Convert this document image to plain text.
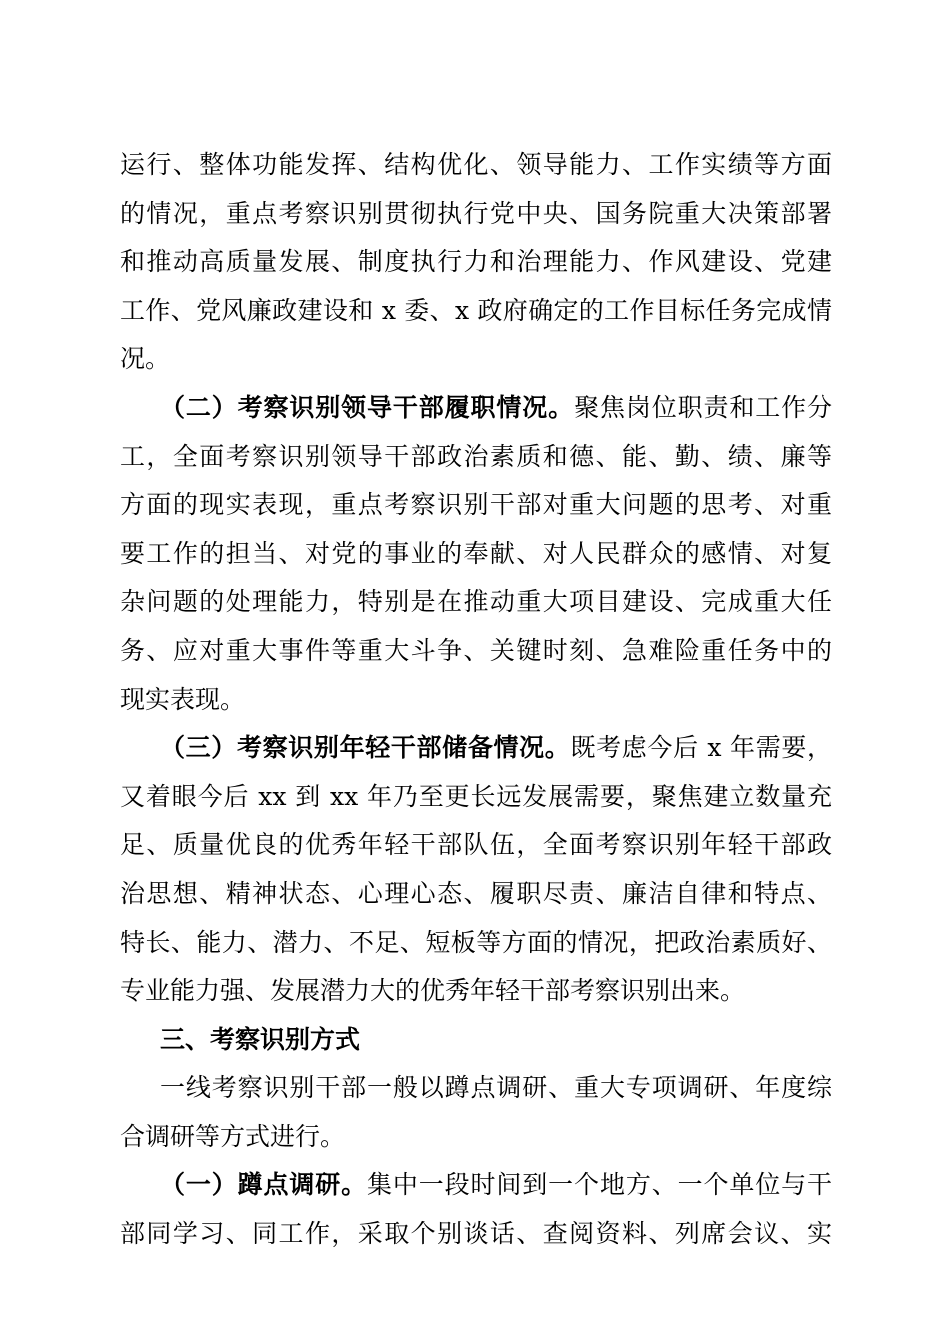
运行、整体功能发挥、结构优化、领导能力、工作实绩等方面
的情况，重点考察识别贯彻执行党中央、国务院重大决策部署
和推动高质量发展、制度执行力和治理能力、作风建设、党建
工作、党风廉政建设和 x 委、x 政府确定的工作目标任务完成情
况。

（二）考察识别领导干部履职情况。聚焦岗位职责和工作分
工，全面考察识别领导干部政治素质和德、能、勤、绩、廉等
方面的现实表现，重点考察识别干部对重大问题的思考、对重
要工作的担当、对党的事业的奉献、对人民群众的感情、对复
杂问题的处理能力，特别是在推动重大项目建设、完成重大任
务、应对重大事件等重大斗争、关键时刻、急难险重任务中的
现实表现。

（三）考察识别年轻干部储备情况。既考虑今后 x 年需要，
又着眼今后 xx 到 xx 年乃至更长远发展需要，聚焦建立数量充
足、质量优良的优秀年轻干部队伍，全面考察识别年轻干部政
治思想、精神状态、心理心态、履职尽责、廉洁自律和特点、
特长、能力、潜力、不足、短板等方面的情况，把政治素质好、
专业能力强、发展潜力大的优秀年轻干部考察识别出来。

三、考察识别方式

一线考察识别干部一般以蹲点调研、重大专项调研、年度综
合调研等方式进行。

（一）蹲点调研。集中一段时间到一个地方、一个单位与干
部同学习、同工作，采取个别谈话、查阅资料、列席会议、实
